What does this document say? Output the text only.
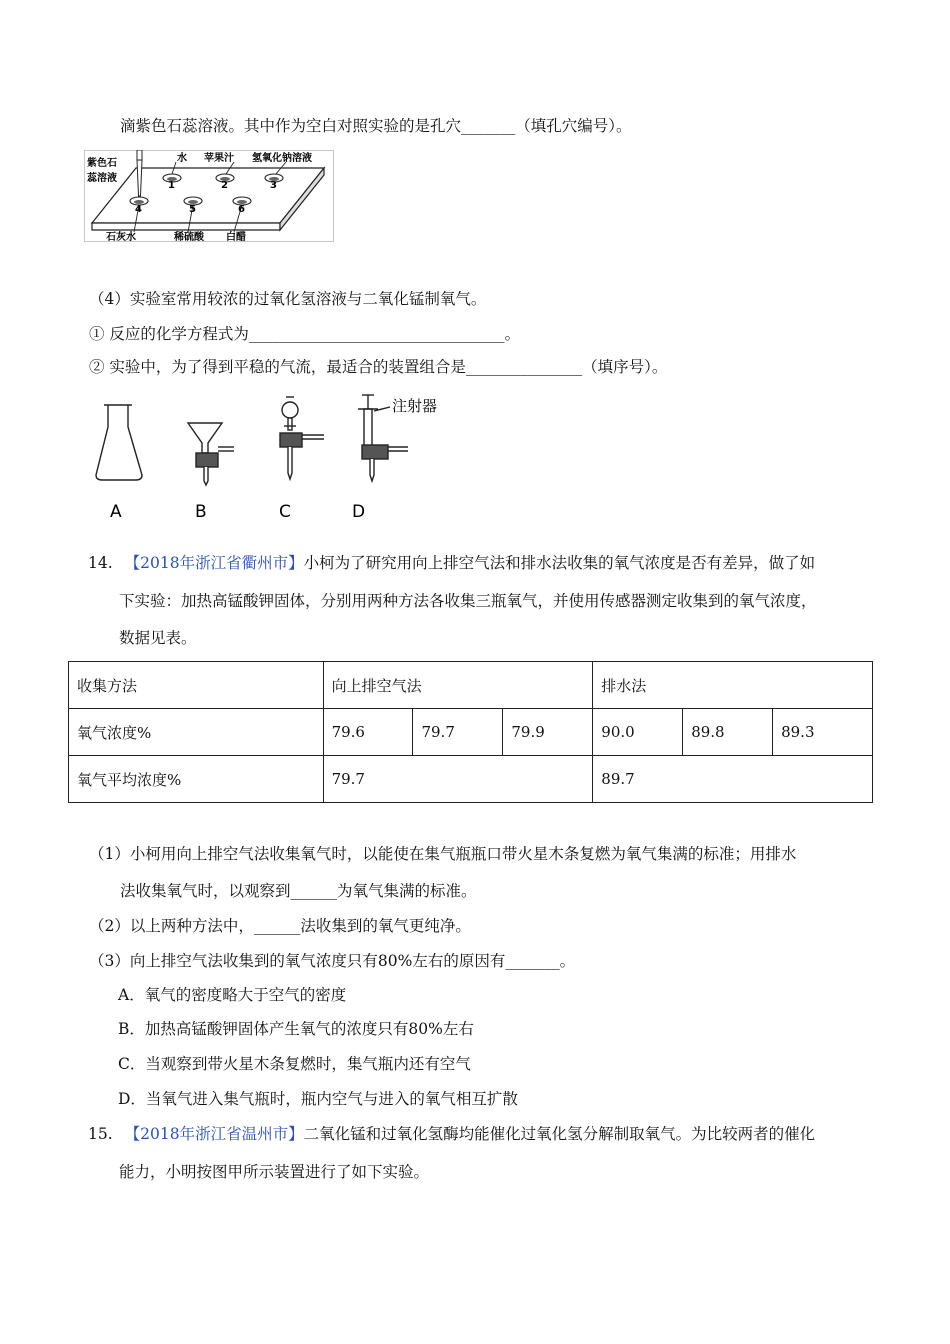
滴紫色石蕊溶液。其中作为空白对照实验的是孔穴_______（填孔穴编号）。
紫色石
蕊溶液
水 苹果汁 氢氧化钠溶液
1	2	3
4	5	6
石灰水	稀硫酸 白醋
（4）实验室常用较浓的过氧化氢溶液与二氧化锰制氧气。
① 反应的化学方程式为_________________________________。
② 实验中，为了得到平稳的气流，最适合的装置组合是_______________（填序号）。
注射器
A	B	C	D
14. 【2018年浙江省衢州市】小柯为了研究用向上排空气法和排水法收集的氧气浓度是否有差异，做了如
下实验：加热高锰酸钾固体，分别用两种方法各收集三瓶氧气，并使用传感器测定收集到的氧气浓度，
数据见表。
收集方法	向上排空气法			排水法		
氧气浓度%	79.6	79.7	79.9	90.0	89.8	89.3
氧气平均浓度%	79.7			89.7		
（1）小柯用向上排空气法收集氧气时，以能使在集气瓶瓶口带火星木条复燃为氧气集满的标准；用排水
法收集氧气时，以观察到______为氧气集满的标准。
（2）以上两种方法中，______法收集到的氧气更纯净。
（3）向上排空气法收集到的氧气浓度只有80%左右的原因有_______。
A．氧气的密度略大于空气的密度
B．加热高锰酸钾固体产生氧气的浓度只有80%左右
C．当观察到带火星木条复燃时，集气瓶内还有空气
D．当氧气进入集气瓶时，瓶内空气与进入的氧气相互扩散
15. 【2018年浙江省温州市】二氧化锰和过氧化氢酶均能催化过氧化氢分解制取氧气。为比较两者的催化
能力，小明按图甲所示装置进行了如下实验。
